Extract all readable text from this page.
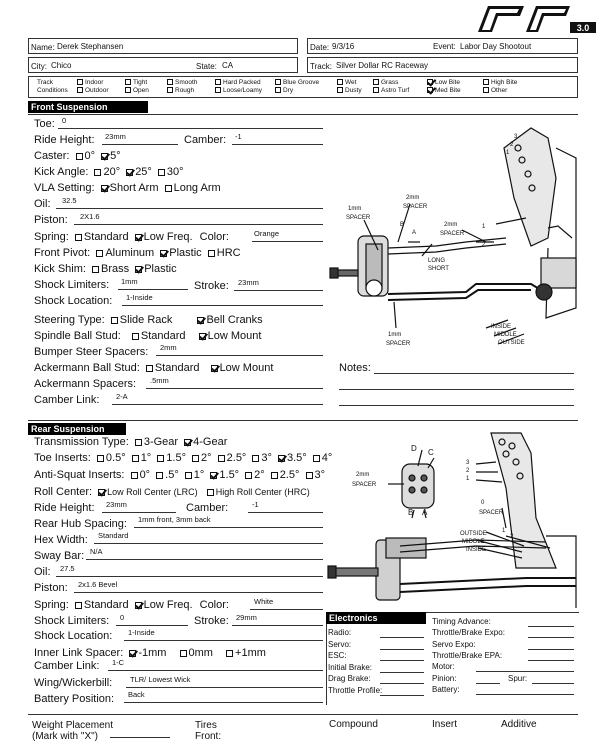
3.0
Name: Derek Stephansen	Date: 9/3/16	Event: Labor Day Shootout
City: Chico	State: CA	Track: Silver Dollar RC Raceway
Track
Conditions
Indoor	Tight	Smooth	Hard Packed	Blue Groove	Wet	Grass	Low Bite	High Bite
Outdoor	Open	Rough	Loose/Loamy	Dry	Dusty	Astro Turf	Med Bite	Other
Front Suspension
Toe: 0
Ride Height: 23mm	Camber: -1
Caster: 0° 5°
Kick Angle: 20° 25° 30°
VLA Setting: Short Arm Long Arm
Oil: 32.5
Piston: 2X1.6
Spring: Standard Low Freq. Color:	Orange
Front Pivot: Aluminum Plastic HRC
Kick Shim: Brass Plastic
Shock Limiters: 1mm	Stroke: 23mm
Shock Location: 1-Inside
Steering Type: Slide Rack	Bell Cranks
Spindle Ball Stud: Standard Low Mount
Bumper Steer Spacers: 2mm
Ackermann Ball Stud: Standard Low Mount
Ackermann Spacers: .5mm
Camber Link: 2-A
Notes:
1mm
SPACER
2mm
SPACER
2mm
SPACER
1mm
SPACER
A
B
LONG
SHORT
INSIDE
MIDDLE
OUTSIDE
3
2
1
1
2
Rear Suspension
Transmission Type: 3-Gear 4-Gear
Toe Inserts: 0.5° 1° 1.5° 2° 2.5° 3° 3.5° 4°
Anti-Squat Inserts: 0° .5° 1° 1.5° 2° 2.5° 3°
Roll Center: Low Roll Center (LRC) High Roll Center (HRC)
Ride Height: 23mm	Camber:	-1
Rear Hub Spacing: 1mm front, 3mm back
Hex Width: Standard
Sway Bar: N/A
Oil: 27.5
Piston: 2x1.6 Bevel
Spring: Standard Low Freq. Color:	White
Shock Limiters: 0	Stroke: 29mm
Shock Location: 1-Inside
Inner Link Spacer: -1mm 0mm +1mm
Camber Link: 1-C
Wing/Wickerbill: TLR/ Lowest Wick
Battery Position: Back
2mm
SPACER
0
SPACER
D C
B A
OUTSIDE
MIDDLE
INSIDE
3
2
1
1
2
Electronics
Radio:
Servo:
ESC:
Initial Brake:
Drag Brake:
Throttle Profile:
Timing Advance:
Throttle/Brake Expo:
Servo Expo:
Throttle/Brake EPA:
Motor:
Pinion:
Battery:
Spur:
Weight Placement
(Mark with "X")
Tires
Front:
Compound	Insert	Additive
